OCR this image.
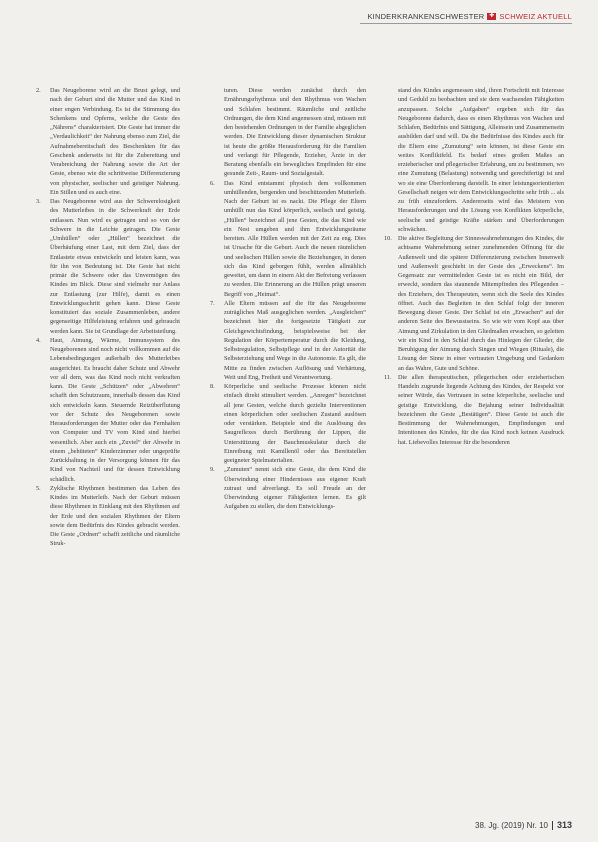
KINDERKRANKENSCHWESTER ✚ SCHWEIZ AKTUELL
2.	Das Neugeborene wird an die Brust gelegt, und nach der Geburt sind die Mutter und das Kind in einer engen Verbindung. Es ist die Stimmung des Schenkens und Opferns, welche die Geste des „Nährens“ charakterisiert. Die Geste hat immer die „Verdaulichkeit“ der Nahrung ebenso zum Ziel, die Aufnahmebereitschaft des Beschenkten für das Geschenk anderseits ist für die Zubereitung und Verabreichung der Nahrung sowie die Art der Geste, ebenso wie die schrittweise Differenzierung von physischer, seelischer und geistiger Nahrung. Ein Stillen und es auch eine.
3.	Das Neugeborene wird aus der Schwerelosigkeit des Mutterleibes in die Schwerkraft der Erde entlassen. Nun wird es getragen und so von der Schwere in die Leichte getragen. Die Geste „Umhüllen“ oder „Hüllen“ bezeichnet die Überhäufung einer Last, mit dem Ziel, dass der Entlastete etwas entwickeln und leisten kann, was für ihn von Bedeutung ist. Die Geste hat nicht primär die Schwere oder das Unvermögen des Kindes im Blick. Diese sind vielmehr nur Anlass zur Entlastung (zur Hilfe), damit es einen Entwicklungsschritt gehen kann. Diese Geste konstituiert das soziale Zusammenleben, andere gegenseitige Hilfeleistung erfahren und gebraucht werden kann. Sie ist Grundlage der Arbeitsteilung.
4.	Haut, Atmung, Wärme, Immunsystem des Neugeborenen sind noch nicht vollkommen auf die Lebensbedingungen außerhalb des Mutterleibes ausgerichtet. Es braucht daher Schutz und Abwehr vor all dem, was das Kind noch nicht verkraften kann. Die Geste „Schützen“ oder „Abwehren“ schafft den Schutzraum, innerhalb dessen das Kind sich entwickeln kann. Steuernde Reizüberflutung vor der Schutz des Neugeborenen sowie Herausforderungen der Mutter oder das Fernhalten von Computer und TV vom Kind sind hierbei wesentlich. Aber auch ein „Zuviel“ der Abwehr in einem „behüteten“ Kinderzimmer oder ungeprüfte Zurückhaltung in der Versorgung können für das Kind von Nachteil und für dessen Entwicklung schädlich.
5.	Zyklische Rhythmen bestimmen das Leben des Kindes im Mutterleib. Nach der Geburt müssen diese Rhythmen in Einklang mit den Rhythmen auf der Erde und den sozialen Rhythmen der Eltern sowie dem Bedürfnis des Kindes gebracht werden. Die Geste „Ordnen“ schafft zeitliche und räumliche Struk-
turen. Diese werden zunächst durch den Ernährungsrhythmus und den Rhythmus von Wachen und Schlafen bestimmt. Räumliche und zeitliche Ordnungen, die dem Kind angemessen sind, müssen mit den bestehenden Ordnungen in der Familie abgeglichen werden. Die Entwicklung dieser dynamischen Struktur ist heute die größte Herausforderung für die Familien und verlangt für Pflegende, Erzieher, Ärzte in der Beratung ebenfalls ein bewegliches Empfinden für eine gesunde Zeit-, Raum- und Sozialgestalt.
6.	Das Kind entstammt physisch dem vollkommen umhüllenden, bergenden und beschützenden Mutterleib. Nach der Geburt ist es nackt. Die Pflege der Eltern umhüllt nun das Kind körperlich, seelisch und geistig. „Hüllen“ bezeichnet all jene Gesten, die das Kind wie ein Nest umgeben und ihm Entwicklungsräume bereiten. Alle Hüllen werden mit der Zeit zu eng. Dies ist Ursache für die Geburt. Auch die neuen räumlichen und seelischen Hüllen sowie die Beziehungen, in denen sich das Kind geborgen fühlt, werden allmählich geweitet, um dann in einem Akt der Befreiung verlassen zu werden. Die Erinnerung an die Hüllen prägt unseren Begriff von „Heimat“.
7.	Alle Eltern müssen auf die für das Neugeborene zuträgliches Maß ausgeglichen werden. „Ausgleichen“ bezeichnet hier die fortgesetzte Tätigkeit zur Gleichgewichtsfindung, beispielsweise bei der Regulation der Körpertemperatur durch die Kleidung, Selbstregulation, Selbstpflege und in der Autorität die Selbsterziehung und Wege in die Autonomie. Es gilt, die Mitte zu finden zwischen Auflösung und Verhärtung, Weit und Eng, Freiheit und Verantwortung.
8.	Körperliche und seelische Prozesse können nicht einfach direkt stimuliert werden. „Anregen“ bezeichnet all jene Gesten, welche durch gezielte Interventionen einen körperlichen oder seelischen Zustand auslösen oder verstärken. Beispiele sind die Auslösung des Saugreflexes durch Berührung der Lippen, die Unterstützung der Bauchmuskulatur durch die Einreibung mit Kamillenöl oder das Bereitstellen geeigneter Spielmaterialien.
9.	„Zumuten“ nennt sich eine Geste, die dem Kind die Überwindung einer Hindernisses aus eigener Kraft zutraut und abverlangt. Es soll Freude an der Überwindung eigener Fähigkeiten lernen. Es gilt Aufgaben zu stellen, die dem Entwicklungs-
stand des Kindes angemessen sind, ihren Fortschritt mit Interesse und Geduld zu beobachten und sie dem wachsenden Fähigkeiten anzupassen. Solche „Aufgaben“ ergeben sich für das Neugeborene dadurch, dass es einen Rhythmus von Wachen und Schlafen, Bedürfnis und Sättigung, Alleinsein und Zusammensein ausbilden darf und will. Da die Bedürfnisse des Kindes auch für die Eltern eine „Zumutung“ sein können, ist diese Geste ein weites Konfliktfeld. Es bedarf eines großen Maßes an erzieherischer und pflegerischer Erfahrung, um zu bestimmen, wo eine Zumutung (Belastung) notwendig und gerechtfertigt ist und wo sie eine Überforderung darstellt. In einer leistungsorientierten Gesellschaft neigen wir dem Entwicklungsschritte sehr früh ... als zu früh einzufordern. Andererseits wird das Meistern von Herausforderungen und die Lösung von Konflikten körperliche, seelische und geistige Kräfte stärken und Überforderungen schwächen.
10. Die aktive Begleitung der Sinneswahrnehmungen des Kindes, die achtsame Wahrnehmung seiner zunehmenden Öffnung für die Außenwelt und die spätere Differenzierung zwischen Innenwelt und Außenwelt geschieht in der Geste des „Erweckens“. Im Gegensatz zur vermittelnden Geste ist es nicht ein Bild, der erweckt, sondern das staunende Mitempfinden des Pflegenden – des Erziehers, des Therapeuten, wenn sich die Seele des Kindes öffnet. Auch das Begleiten in den Schlaf folgt der inneren Bewegung dieser Geste. Der Schlaf ist ein „Erwachen“ auf der anderen Seite des Bewusstseins. So wie wir vom Kopf aus über Atmung und Zirkulation in den Gliedmaßen erwachen, so geleiten wir ein Kind in den Schlaf durch das Hinlegen der Glieder, die Beruhigung der Atmung durch Singen und Wiegen (Rituale), die Lösung der Sinne in einer vertrauten Umgebung und Gedanken an das Wahre, Gute und Schöne.
11.	Die allen therapeutischen, pflegerischen oder erzieherischen Handeln zugrunde liegende Achtung des Kindes, der Respekt vor seiner Würde, das Vertrauen in seine körperliche, seelische und geistige Entwicklung, die Bejahung seiner Individualität bezeichnen die Geste „Bestätigen“. Diese Geste ist auch die Bestimmung der Wahrnehmungen, Empfindungen und Intentionen des Kindes, für die das Kind noch keinen Ausdruck hat. Liebevolles Interesse für die besonderen
38. Jg. (2019) Nr. 10 313
